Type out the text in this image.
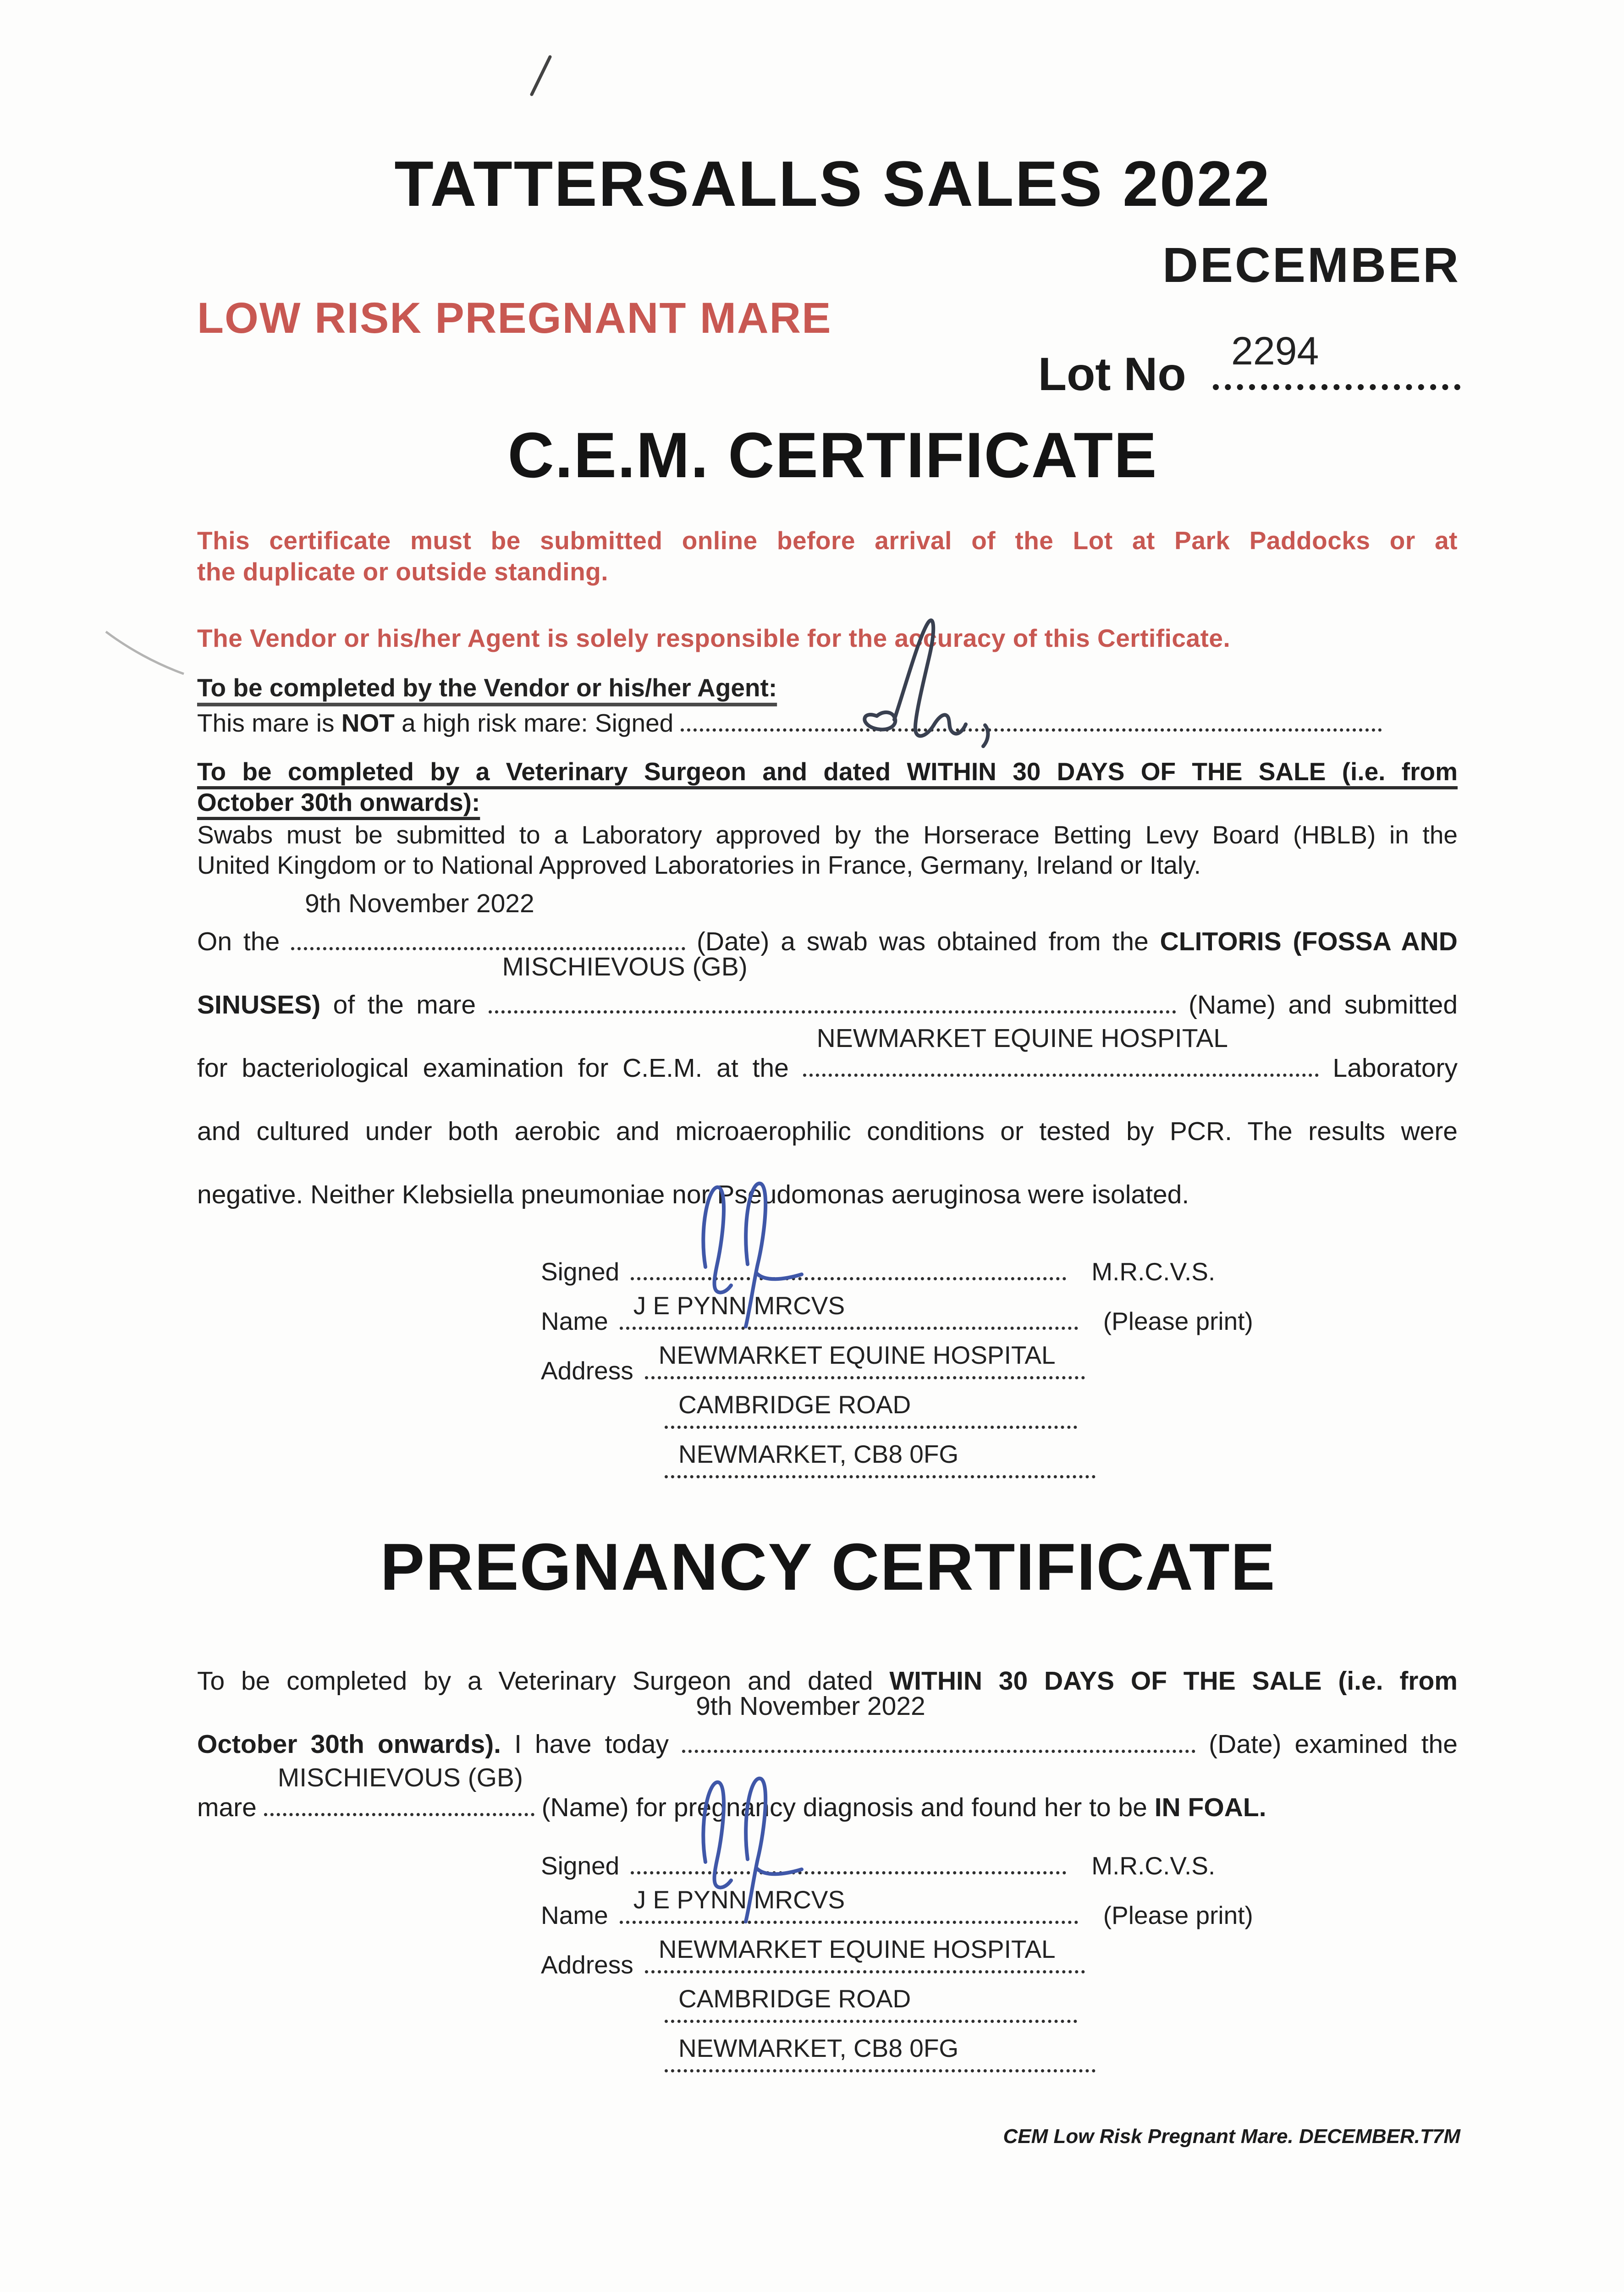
TATTERSALLS SALES 2022
DECEMBER
LOW RISK PREGNANT MARE
Lot No 2294
C.E.M. CERTIFICATE
This certificate must be submitted online before arrival of the Lot at Park Paddocks or at
the duplicate or outside standing.
The Vendor or his/her Agent is solely responsible for the accuracy of this Certificate.
To be completed by the Vendor or his/her Agent:
This mare is NOT a high risk mare: Signed
To be completed by a Veterinary Surgeon and dated WITHIN 30 DAYS OF THE SALE (i.e. from
October 30th onwards):
Swabs must be submitted to a Laboratory approved by the Horserace Betting Levy Board (HBLB) in the
United Kingdom or to National Approved Laboratories in France, Germany, Ireland or Italy.
On the
9th November 2022
(Date) a swab was obtained from the CLITORIS (FOSSA AND
SINUSES) of the mare
MISCHIEVOUS (GB)
(Name) and submitted
for bacteriological examination for C.E.M. at the
NEWMARKET EQUINE HOSPITAL
Laboratory
and cultured under both aerobic and microaerophilic conditions or tested by PCR. The results were
negative. Neither Klebsiella pneumoniae nor Pseudomonas aeruginosa were isolated.
Signed	M.R.C.V.S.
Name
J E PYNN MRCVS
(Please print)
Address
NEWMARKET EQUINE HOSPITAL
CAMBRIDGE ROAD
NEWMARKET, CB8 0FG
PREGNANCY CERTIFICATE
To be completed by a Veterinary Surgeon and dated WITHIN 30 DAYS OF THE SALE (i.e. from
October 30th onwards). I have today
9th November 2022
(Date) examined the
mare
MISCHIEVOUS (GB)
(Name) for pregnancy diagnosis and found her to be IN FOAL.
Signed	M.R.C.V.S.
Name
J E PYNN MRCVS
(Please print)
Address
NEWMARKET EQUINE HOSPITAL
CAMBRIDGE ROAD
NEWMARKET, CB8 0FG
CEM Low Risk Pregnant Mare. DECEMBER.T7M
